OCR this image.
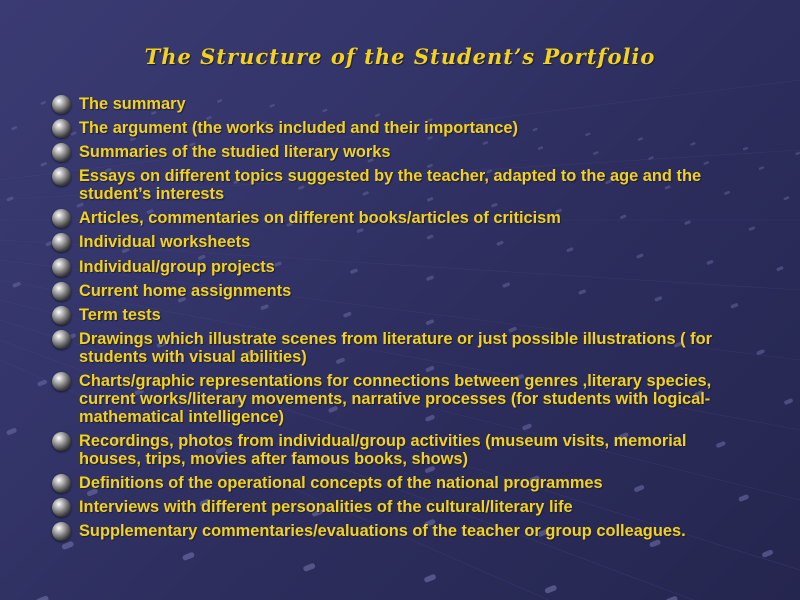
The Structure of the Student’s Portfolio
The summary
The argument (the works included and their importance)
Summaries of the studied literary works
Essays on different topics suggested by the teacher, adapted to the age and the student’s interests
Articles, commentaries on different books/articles of criticism
Individual worksheets
Individual/group projects
Current home assignments
Term tests
Drawings which illustrate scenes from literature or just possible illustrations ( for students with visual abilities)
Charts/graphic representations for connections between genres ,literary species, current works/literary movements, narrative processes (for students with logical-mathematical intelligence)
Recordings, photos from individual/group activities (museum visits, memorial houses, trips, movies after famous books, shows)
Definitions of the operational concepts of the national programmes
Interviews with different personalities of the cultural/literary life
Supplementary commentaries/evaluations of the teacher or group colleagues.
